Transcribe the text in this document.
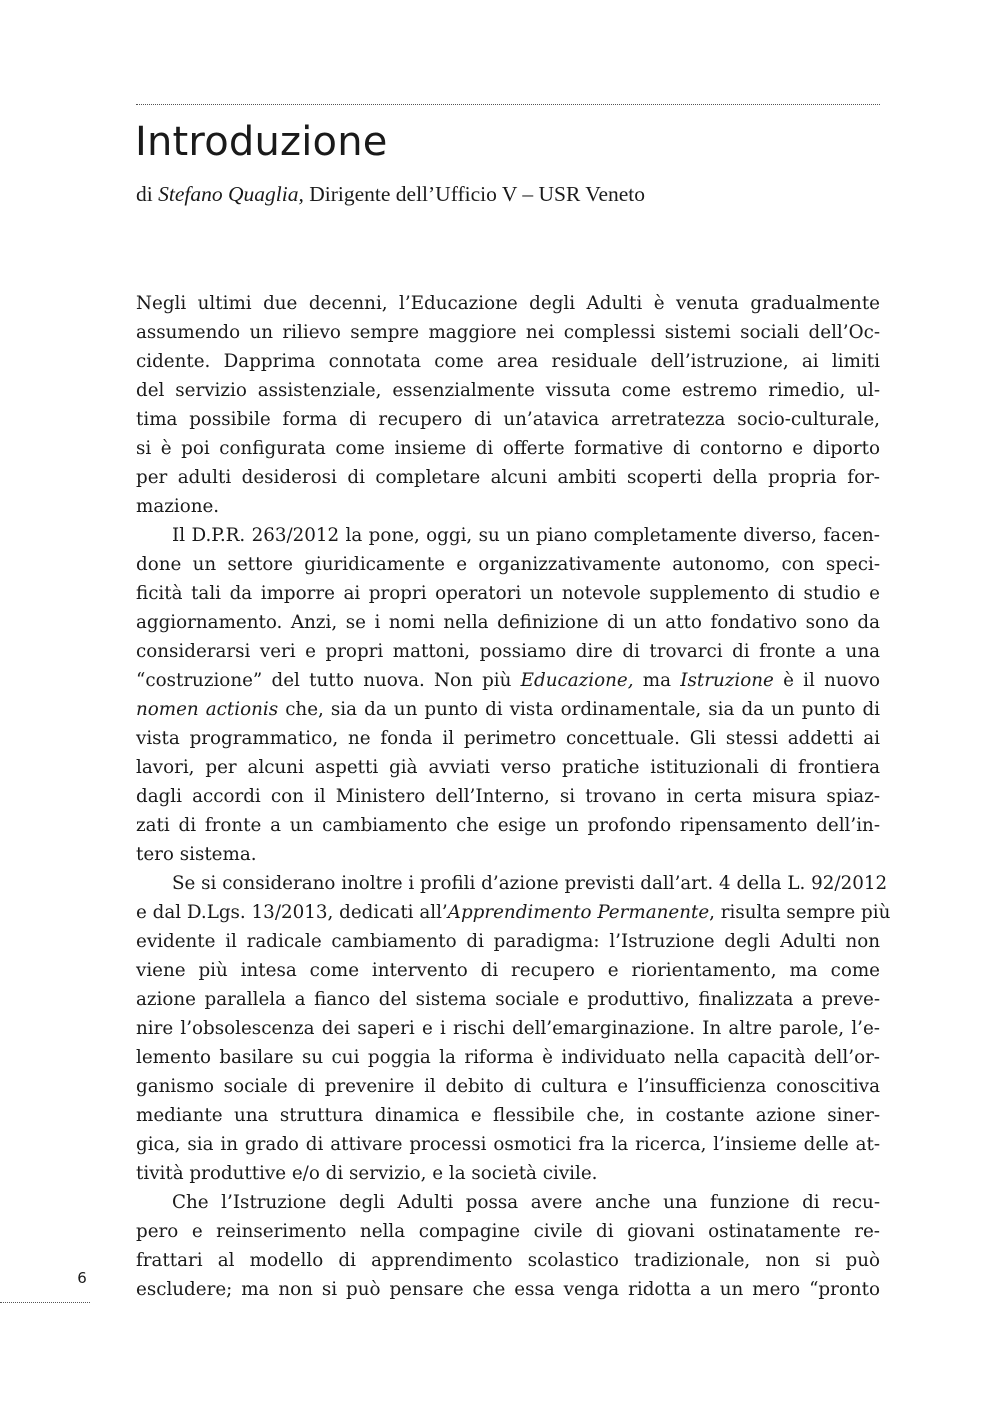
Introduzione
di Stefano Quaglia, Dirigente dell’Ufficio V – USR Veneto
Negli ultimi due decenni, l’Educazione degli Adulti è venuta gradualmente
assumendo un rilievo sempre maggiore nei complessi sistemi sociali dell’Oc-
cidente. Dapprima connotata come area residuale dell’istruzione, ai limiti
del servizio assistenziale, essenzialmente vissuta come estremo rimedio, ul-
tima possibile forma di recupero di un’atavica arretratezza socio-culturale,
si è poi configurata come insieme di offerte formative di contorno e diporto
per adulti desiderosi di completare alcuni ambiti scoperti della propria for-
mazione.
Il D.P.R. 263/2012 la pone, oggi, su un piano completamente diverso, facen-
done un settore giuridicamente e organizzativamente autonomo, con speci-
ficità tali da imporre ai propri operatori un notevole supplemento di studio e
aggiornamento. Anzi, se i nomi nella definizione di un atto fondativo sono da
considerarsi veri e propri mattoni, possiamo dire di trovarci di fronte a una
“costruzione” del tutto nuova. Non più Educazione, ma Istruzione è il nuovo
nomen actionis che, sia da un punto di vista ordinamentale, sia da un punto di
vista programmatico, ne fonda il perimetro concettuale. Gli stessi addetti ai
lavori, per alcuni aspetti già avviati verso pratiche istituzionali di frontiera
dagli accordi con il Ministero dell’Interno, si trovano in certa misura spiaz-
zati di fronte a un cambiamento che esige un profondo ripensamento dell’in-
tero sistema.
Se si considerano inoltre i profili d’azione previsti dall’art. 4 della L. 92/2012
e dal D.Lgs. 13/2013, dedicati all’Apprendimento Permanente, risulta sempre più
evidente il radicale cambiamento di paradigma: l’Istruzione degli Adulti non
viene più intesa come intervento di recupero e riorientamento, ma come
azione parallela a fianco del sistema sociale e produttivo, finalizzata a preve-
nire l’obsolescenza dei saperi e i rischi dell’emarginazione. In altre parole, l’e-
lemento basilare su cui poggia la riforma è individuato nella capacità dell’or-
ganismo sociale di prevenire il debito di cultura e l’insufficienza conoscitiva
mediante una struttura dinamica e flessibile che, in costante azione siner-
gica, sia in grado di attivare processi osmotici fra la ricerca, l’insieme delle at-
tività produttive e/o di servizio, e la società civile.
Che l’Istruzione degli Adulti possa avere anche una funzione di recu-
pero e reinserimento nella compagine civile di giovani ostinatamente re-
frattari al modello di apprendimento scolastico tradizionale, non si può
escludere; ma non si può pensare che essa venga ridotta a un mero “pronto
6
